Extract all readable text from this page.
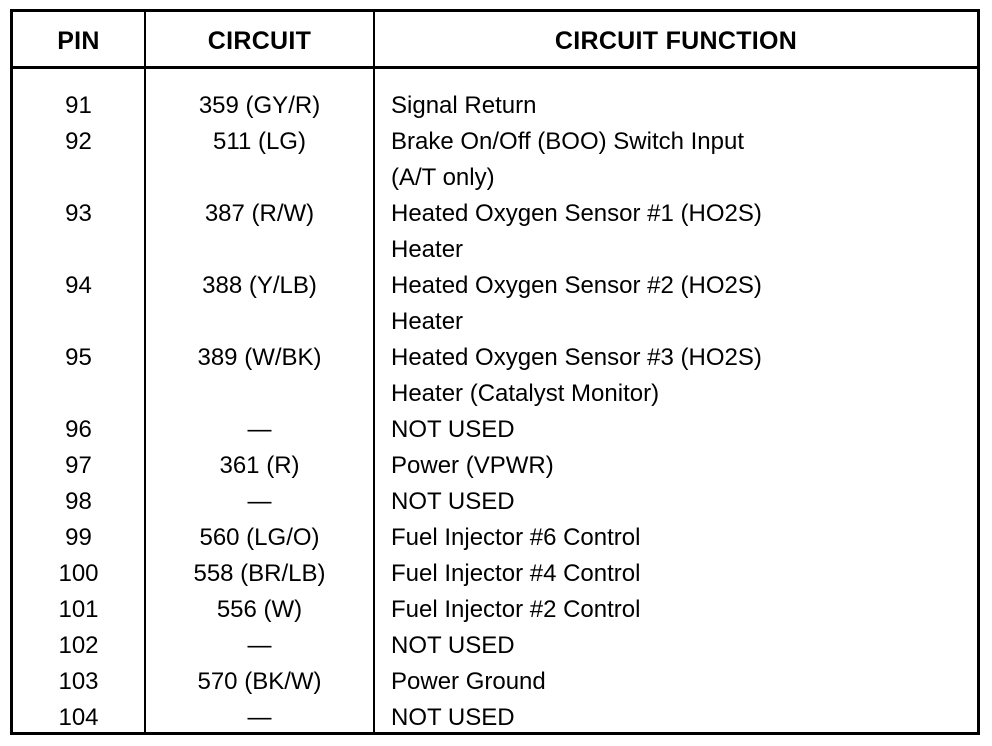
PIN	CIRCUIT	CIRCUIT FUNCTION
91	359 (GY/R)	Signal Return
92	511 (LG)	Brake On/Off (BOO) Switch Input
(A/T only)
93	387 (R/W)	Heated Oxygen Sensor #1 (HO2S)
Heater
94	388 (Y/LB)	Heated Oxygen Sensor #2 (HO2S)
Heater
95	389 (W/BK)	Heated Oxygen Sensor #3 (HO2S)
Heater (Catalyst Monitor)
96	—	NOT USED
97	361 (R)	Power (VPWR)
98	—	NOT USED
99	560 (LG/O)	Fuel Injector #6 Control
100	558 (BR/LB)	Fuel Injector #4 Control
101	556 (W)	Fuel Injector #2 Control
102	—	NOT USED
103	570 (BK/W)	Power Ground
104	—	NOT USED
